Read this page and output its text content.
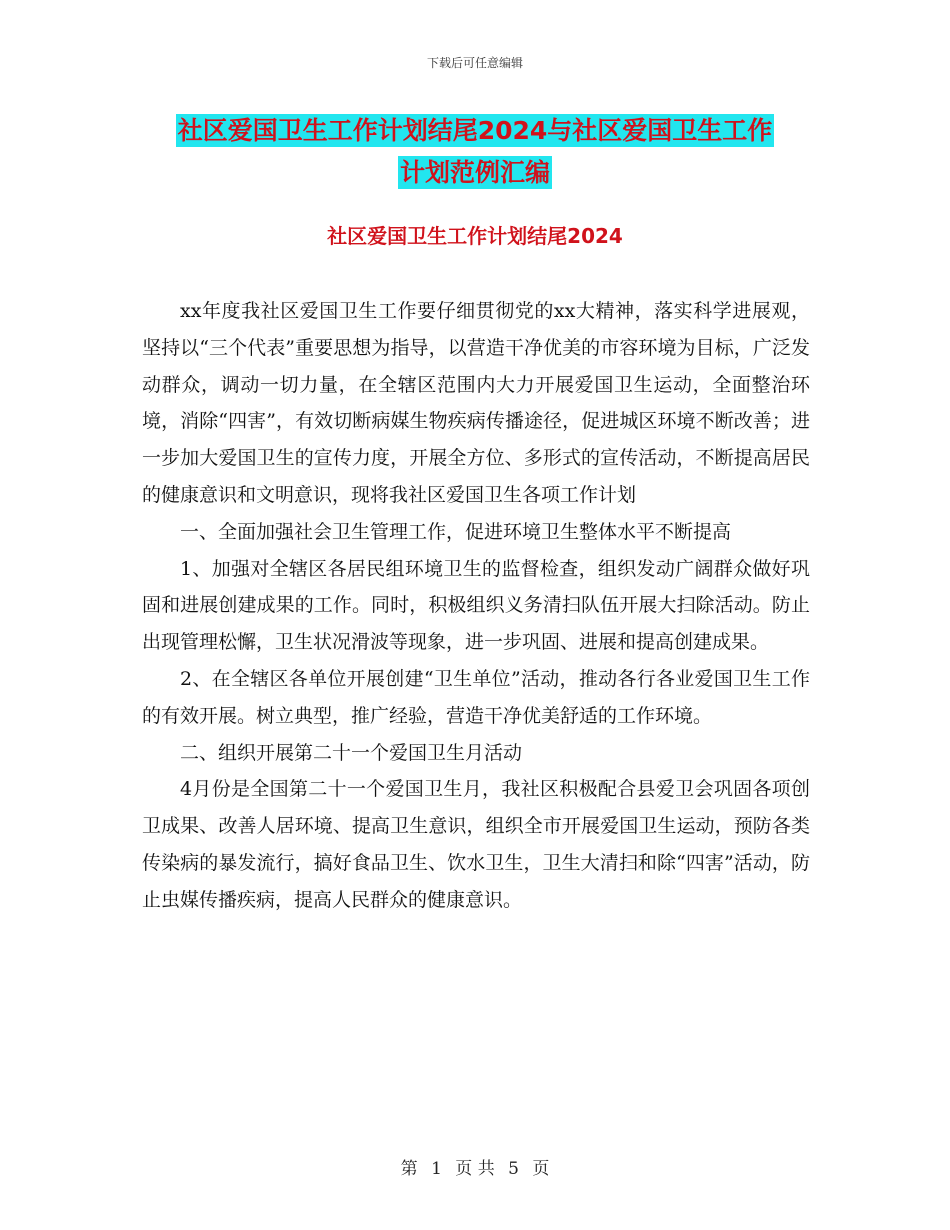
下载后可任意编辑
社区爱国卫生工作计划结尾2024与社区爱国卫生工作
计划范例汇编
社区爱国卫生工作计划结尾2024

xx年度我社区爱国卫生工作要仔细贯彻党的xx大精神，落实科学进展观，坚持以“三个代表”重要思想为指导，以营造干净优美的市容环境为目标，广泛发动群众，调动一切力量，在全辖区范围内大力开展爱国卫生运动，全面整治环境，消除“四害”，有效切断病媒生物疾病传播途径，促进城区环境不断改善；进一步加大爱国卫生的宣传力度，开展全方位、多形式的宣传活动，不断提高居民的健康意识和文明意识，现将我社区爱国卫生各项工作计划

一、全面加强社会卫生管理工作，促进环境卫生整体水平不断提高

1、加强对全辖区各居民组环境卫生的监督检查，组织发动广阔群众做好巩固和进展创建成果的工作。同时，积极组织义务清扫队伍开展大扫除活动。防止出现管理松懈，卫生状况滑波等现象，进一步巩固、进展和提高创建成果。

2、在全辖区各单位开展创建“卫生单位”活动，推动各行各业爱国卫生工作的有效开展。树立典型，推广经验，营造干净优美舒适的工作环境。

二、组织开展第二十一个爱国卫生月活动

4月份是全国第二十一个爱国卫生月，我社区积极配合县爱卫会巩固各项创卫成果、改善人居环境、提高卫生意识，组织全市开展爱国卫生运动，预防各类传染病的暴发流行，搞好食品卫生、饮水卫生，卫生大清扫和除“四害”活动，防止虫媒传播疾病，提高人民群众的健康意识。

第 1 页 共 5 页
